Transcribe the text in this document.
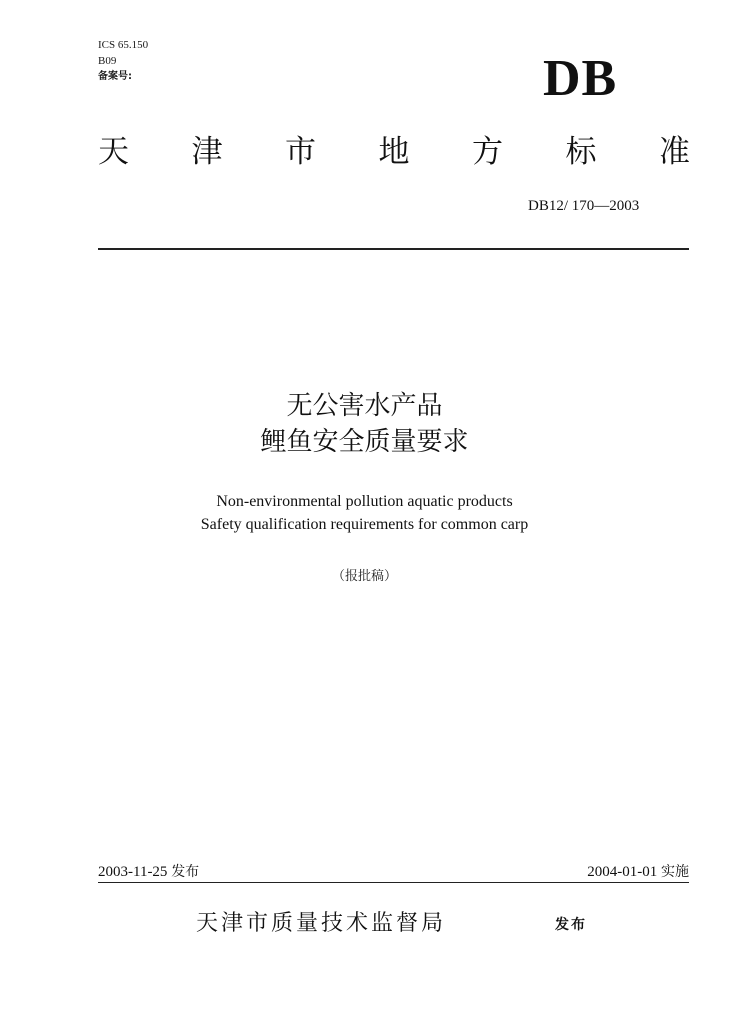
ICS 65.150
B09
备案号:	DB
天 津 市 地 方 标 准
DB12/ 170—2003
无公害水产品
鲤鱼安全质量要求
Non-environmental pollution aquatic products
Safety qualification requirements for common carp
（报批稿）
2003-11-25 发布	2004-01-01 实施
天津市质量技术监督局	发布
